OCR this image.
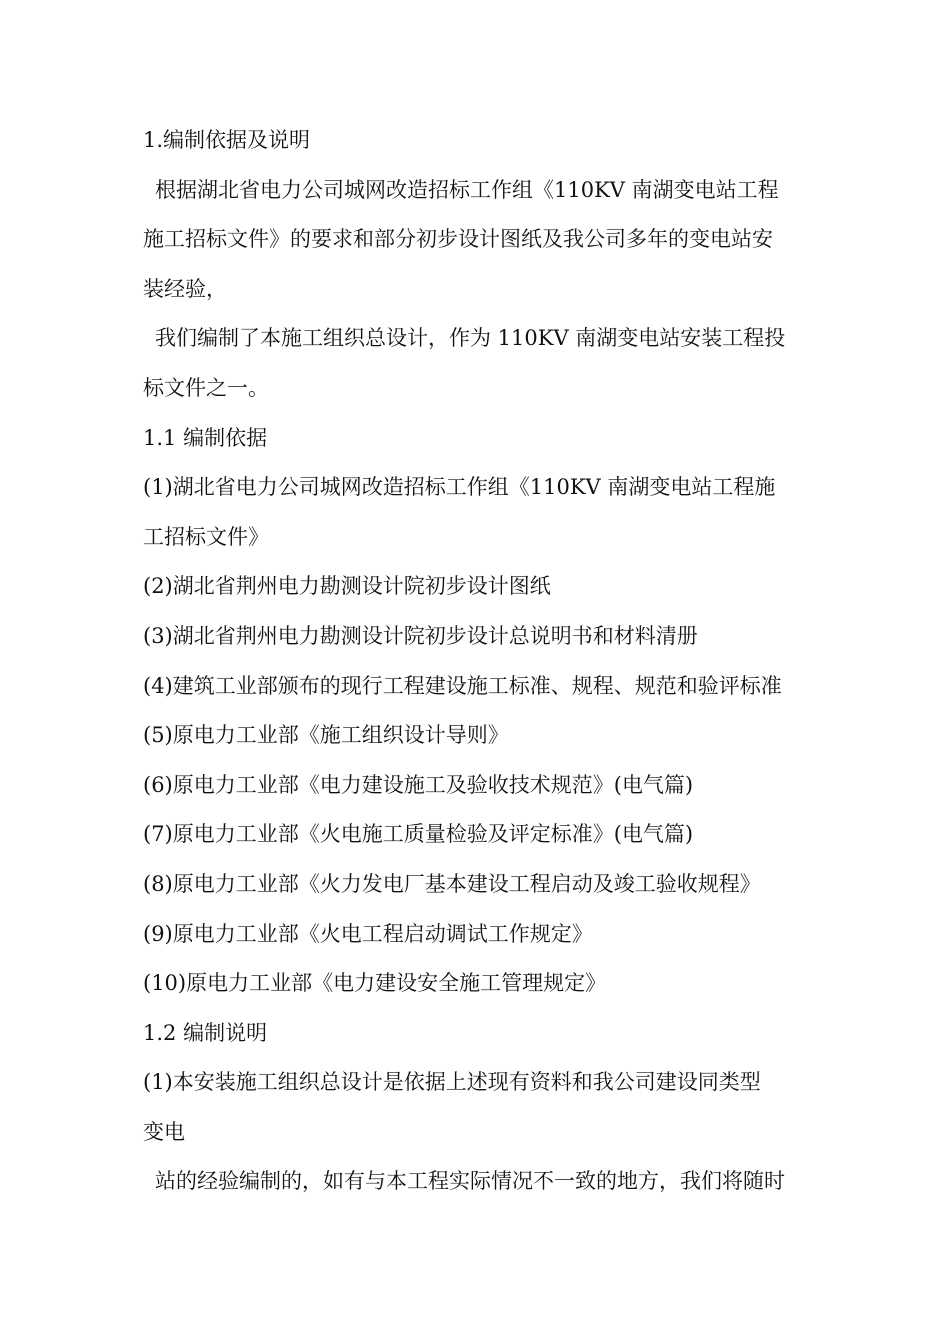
1.编制依据及说明
根据湖北省电力公司城网改造招标工作组《110KV 南湖变电站工程
施工招标文件》的要求和部分初步设计图纸及我公司多年的变电站安
装经验，
我们编制了本施工组织总设计，作为 110KV 南湖变电站安装工程投
标文件之一。
1.1 编制依据
(1)湖北省电力公司城网改造招标工作组《110KV 南湖变电站工程施
工招标文件》
(2)湖北省荆州电力勘测设计院初步设计图纸
(3)湖北省荆州电力勘测设计院初步设计总说明书和材料清册
(4)建筑工业部颁布的现行工程建设施工标准、规程、规范和验评标准
(5)原电力工业部《施工组织设计导则》
(6)原电力工业部《电力建设施工及验收技术规范》(电气篇)
(7)原电力工业部《火电施工质量检验及评定标准》(电气篇)
(8)原电力工业部《火力发电厂基本建设工程启动及竣工验收规程》
(9)原电力工业部《火电工程启动调试工作规定》
(10)原电力工业部《电力建设安全施工管理规定》
1.2 编制说明
(1)本安装施工组织总设计是依据上述现有资料和我公司建设同类型
变电
站的经验编制的，如有与本工程实际情况不一致的地方，我们将随时
